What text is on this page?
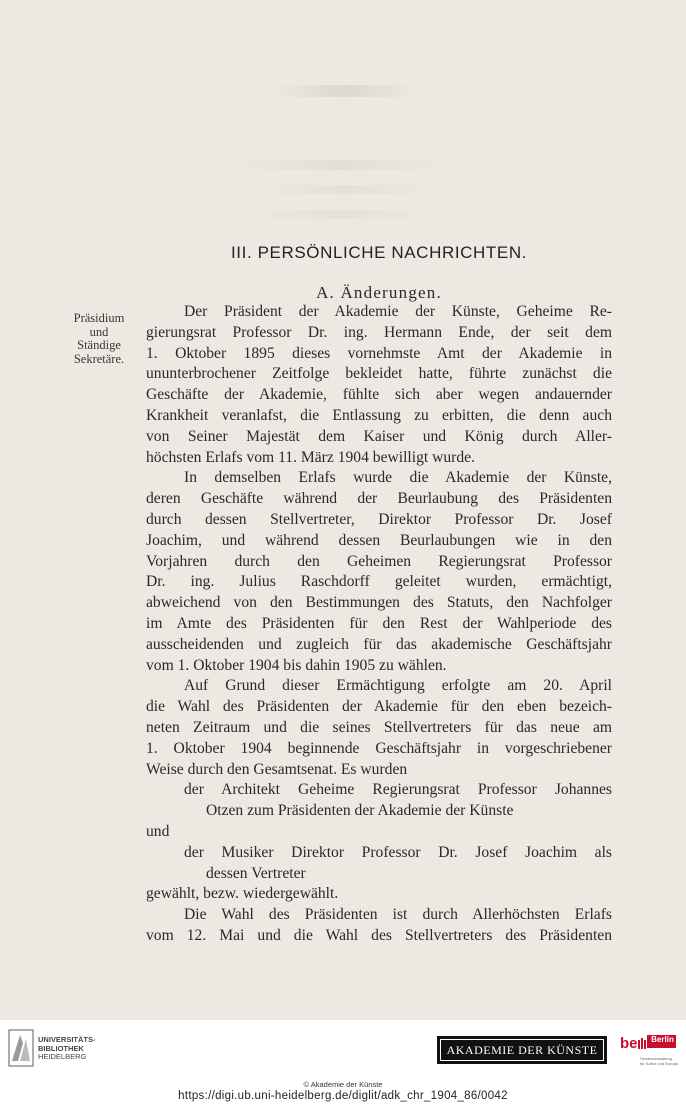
III. PERSÖNLICHE NACHRICHTEN.
A. Änderungen.
Präsidium
und
Ständige
Sekretäre.
Der Präsident der Akademie der Künste, Geheime Re-
gierungsrat Professor Dr. ing. Hermann Ende, der seit dem
1. Oktober 1895 dieses vornehmste Amt der Akademie in
ununterbrochener Zeitfolge bekleidet hatte, führte zunächst die
Geschäfte der Akademie, fühlte sich aber wegen andauernder
Krankheit veranlafst, die Entlassung zu erbitten, die denn auch
von Seiner Majestät dem Kaiser und König durch Aller-
höchsten Erlafs vom 11. März 1904 bewilligt wurde.
In demselben Erlafs wurde die Akademie der Künste,
deren Geschäfte während der Beurlaubung des Präsidenten
durch dessen Stellvertreter, Direktor Professor Dr. Josef
Joachim, und während dessen Beurlaubungen wie in den
Vorjahren durch den Geheimen Regierungsrat Professor
Dr. ing. Julius Raschdorff geleitet wurden, ermächtigt,
abweichend von den Bestimmungen des Statuts, den Nachfolger
im Amte des Präsidenten für den Rest der Wahlperiode des
ausscheidenden und zugleich für das akademische Geschäftsjahr
vom 1. Oktober 1904 bis dahin 1905 zu wählen.
Auf Grund dieser Ermächtigung erfolgte am 20. April
die Wahl des Präsidenten der Akademie für den eben bezeich-
neten Zeitraum und die seines Stellvertreters für das neue am
1. Oktober 1904 beginnende Geschäftsjahr in vorgeschriebener
Weise durch den Gesamtsenat. Es wurden
der Architekt Geheime Regierungsrat Professor Johannes
Otzen zum Präsidenten der Akademie der Künste
und
der Musiker Direktor Professor Dr. Josef Joachim als
dessen Vertreter
gewählt, bezw. wiedergewählt.
Die Wahl des Präsidenten ist durch Allerhöchsten Erlafs
vom 12. Mai und die Wahl des Stellvertreters des Präsidenten
UNIVERSITÄTS-
BIBLIOTHEK
HEIDELBERG	AKADEMIE DER KÜNSTE	be	Berlin
Senatsverwaltung
für Kultur und Europa
© Akademie der Künste
https://digi.ub.uni-heidelberg.de/diglit/adk_chr_1904_86/0042
